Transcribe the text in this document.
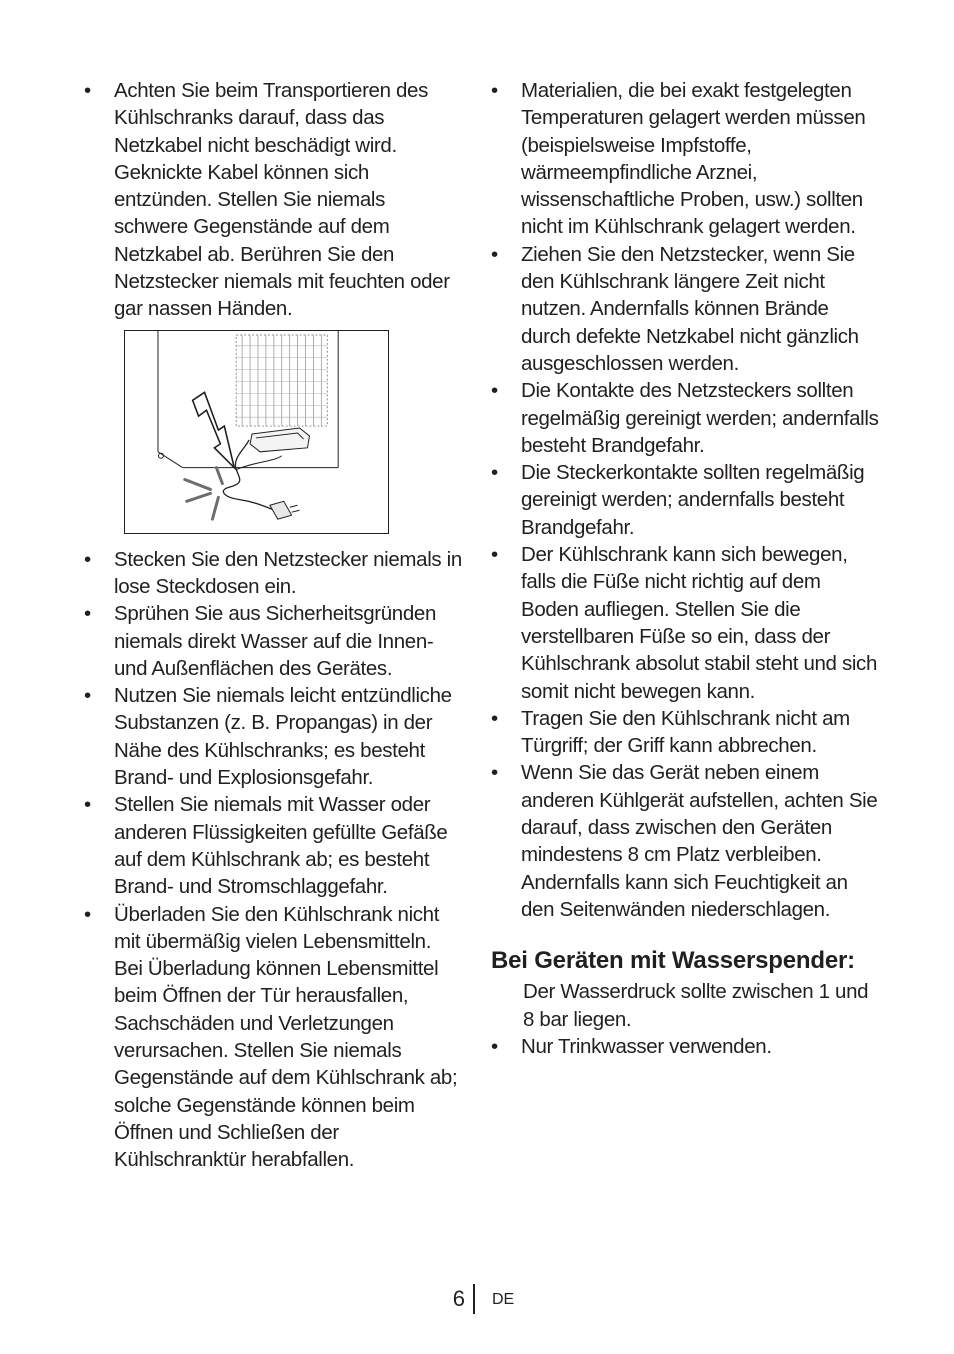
• Achten Sie beim Transportieren des Kühlschranks darauf, dass das Netzkabel nicht beschädigt wird. Geknickte Kabel können sich entzünden. Stellen Sie niemals schwere Gegenstände auf dem Netzkabel ab. Berühren Sie den Netzstecker niemals mit feuchten oder gar nassen Händen.
• Stecken Sie den Netzstecker niemals in lose Steckdosen ein.
• Sprühen Sie aus Sicherheitsgründen niemals direkt Wasser auf die Innen- und Außenflächen des Gerätes.
• Nutzen Sie niemals leicht entzündliche Substanzen (z. B. Propangas) in der Nähe des Kühlschranks; es besteht Brand- und Explosionsgefahr.
• Stellen Sie niemals mit Wasser oder anderen Flüssigkeiten gefüllte Gefäße auf dem Kühlschrank ab; es besteht Brand- und Stromschlaggefahr.
• Überladen Sie den Kühlschrank nicht mit übermäßig vielen Lebensmitteln. Bei Überladung können Lebensmittel beim Öffnen der Tür herausfallen, Sachschäden und Verletzungen verursachen. Stellen Sie niemals Gegenstände auf dem Kühlschrank ab; solche Gegenstände können beim Öffnen und Schließen der Kühlschranktür herabfallen.
• Materialien, die bei exakt festgelegten Temperaturen gelagert werden müssen (beispielsweise Impfstoffe, wärmeempfindliche Arznei, wissenschaftliche Proben, usw.) sollten nicht im Kühlschrank gelagert werden.
• Ziehen Sie den Netzstecker, wenn Sie den Kühlschrank längere Zeit nicht nutzen. Andernfalls können Brände durch defekte Netzkabel nicht gänzlich ausgeschlossen werden.
• Die Kontakte des Netzsteckers sollten regelmäßig gereinigt werden; andernfalls besteht Brandgefahr.
• Die Steckerkontakte sollten regelmäßig gereinigt werden; andernfalls besteht Brandgefahr.
• Der Kühlschrank kann sich bewegen, falls die Füße nicht richtig auf dem Boden aufliegen. Stellen Sie die verstellbaren Füße so ein, dass der Kühlschrank absolut stabil steht und sich somit nicht bewegen kann.
• Tragen Sie den Kühlschrank nicht am Türgriff; der Griff kann abbrechen.
• Wenn Sie das Gerät neben einem anderen Kühlgerät aufstellen, achten Sie darauf, dass zwischen den Geräten mindestens 8 cm Platz verbleiben. Andernfalls kann sich Feuchtigkeit an den Seitenwänden niederschlagen.
Bei Geräten mit Wasserspender:

Der Wasserdruck sollte zwischen 1 und 8 bar liegen.

• Nur Trinkwasser verwenden.
6 DE
